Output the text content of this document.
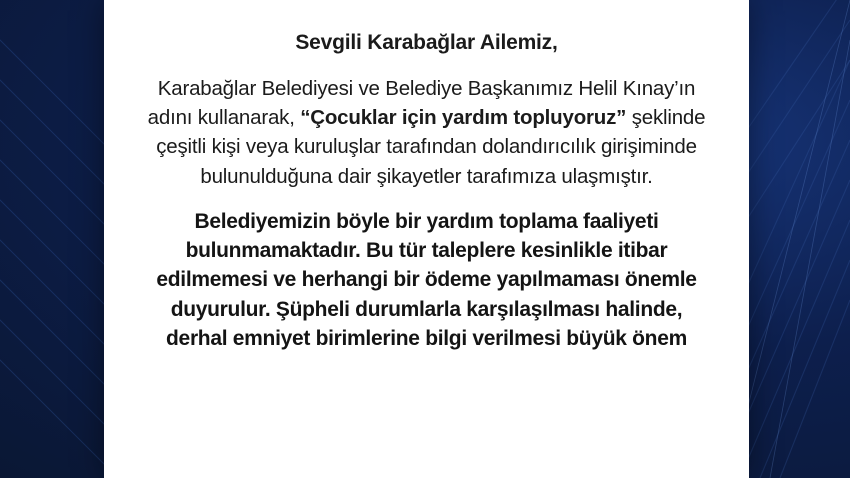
Sevgili Karabağlar Ailemiz,

Karabağlar Belediyesi ve Belediye Başkanımız Helil Kınay’ın adını kullanarak, “Çocuklar için yardım topluyoruz” şeklinde çeşitli kişi veya kuruluşlar tarafından dolandırıcılık girişiminde bulunulduğuna dair şikayetler tarafımıza ulaşmıştır.

Belediyemizin böyle bir yardım toplama faaliyeti bulunmamaktadır. Bu tür taleplere kesinlikle itibar edilmemesi ve herhangi bir ödeme yapılmaması önemle duyurulur. Şüpheli durumlarla karşılaşılması halinde, derhal emniyet birimlerine bilgi verilmesi büyük önem
